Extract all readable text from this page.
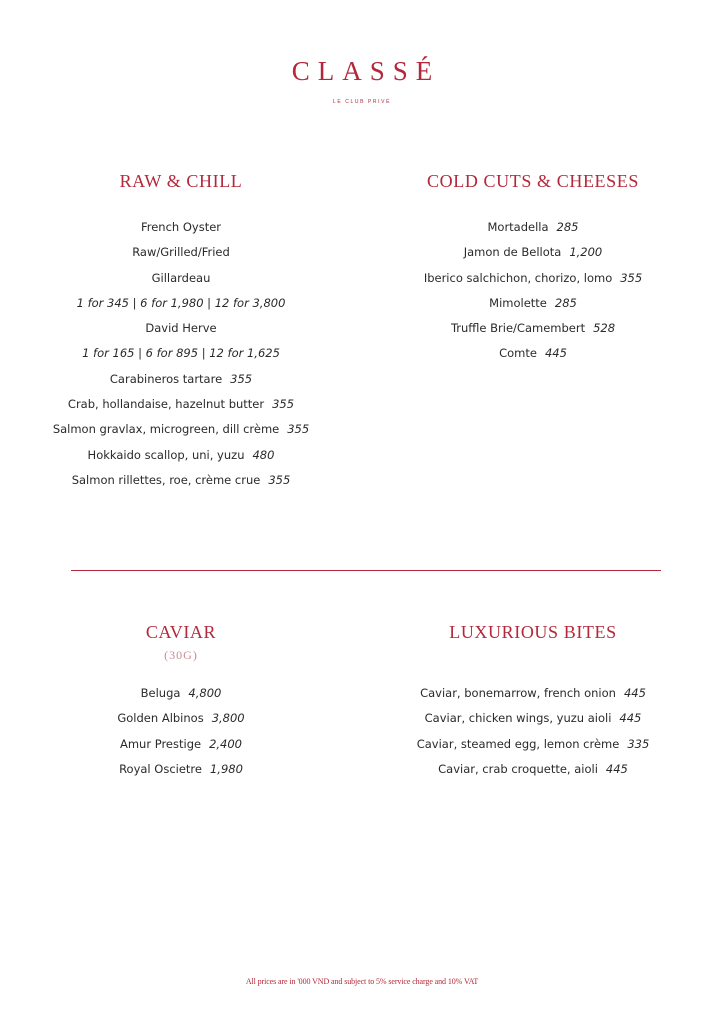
CLASSÉ
LE CLUB PRIVÉ
RAW & CHILL
French Oyster
Raw/Grilled/Fried
Gillardeau
1 for 345 | 6 for 1,980 | 12 for 3,800
David Herve
1 for 165 | 6 for 895 | 12 for 1,625
Carabineros tartare 355
Crab, hollandaise, hazelnut butter 355
Salmon gravlax, microgreen, dill crème 355
Hokkaido scallop, uni, yuzu 480
Salmon rillettes, roe, crème crue 355
COLD CUTS & CHEESES
Mortadella 285
Jamon de Bellota 1,200
Iberico salchichon, chorizo, lomo 355
Mimolette 285
Truffle Brie/Camembert 528
Comte 445
CAVIAR
(30G)
Beluga 4,800
Golden Albinos 3,800
Amur Prestige 2,400
Royal Oscietre 1,980
LUXURIOUS BITES
Caviar, bonemarrow, french onion 445
Caviar, chicken wings, yuzu aioli 445
Caviar, steamed egg, lemon crème 335
Caviar, crab croquette, aioli 445
All prices are in '000 VND and subject to 5% service charge and 10% VAT
